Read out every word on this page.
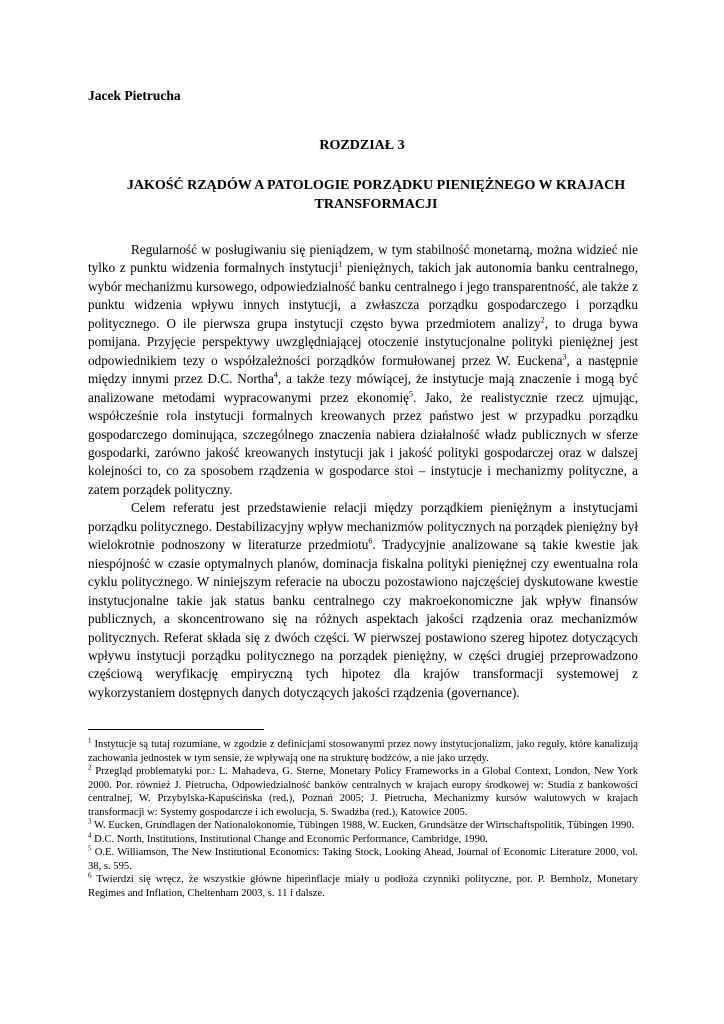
Jacek Pietrucha

ROZDZIAŁ 3

JAKOŚĆ RZĄDÓW A PATOLOGIE PORZĄDKU PIENIĘŻNEGO W KRAJACH TRANSFORMACJI

Regularność w posługiwaniu się pieniądzem, w tym stabilność monetarną, można widzieć nie tylko z punktu widzenia formalnych instytucji$^1$ pieniężnych, takich jak autonomia banku centralnego, wybór mechanizmu kursowego, odpowiedzialność banku centralnego i jego transparentność, ale także z punktu widzenia wpływu innych instytucji, a zwłaszcza porządku gospodarczego i porządku politycznego. O ile pierwsza grupa instytucji często bywa przedmiotem analizy$^2$, to druga bywa pomijana. Przyjęcie perspektywy uwzględniającej otoczenie instytucjonalne polityki pieniężnej jest odpowiednikiem tezy o współzależności porządków formułowanej przez W. Euckena$^3$, a następnie między innymi przez D.C. Northa$^4$, a także tezy mówiącej, że instytucje mają znaczenie i mogą być analizowane metodami wypracowanymi przez ekonomię$^5$. Jako, że realistycznie rzecz ujmując, współcześnie rola instytucji formalnych kreowanych przez państwo jest w przypadku porządku gospodarczego dominująca, szczególnego znaczenia nabiera działalność władz publicznych w sferze gospodarki, zarówno jakość kreowanych instytucji jak i jakość polityki gospodarczej oraz w dalszej kolejności to, co za sposobem rządzenia w gospodarce stoi – instytucje i mechanizmy polityczne, a zatem porządek polityczny.

Celem referatu jest przedstawienie relacji między porządkiem pieniężnym a instytucjami porządku politycznego. Destabilizacyjny wpływ mechanizmów politycznych na porządek pieniężny był wielokrotnie podnoszony w literaturze przedmiotu$^6$. Tradycyjnie analizowane są takie kwestie jak niespójność w czasie optymalnych planów, dominacja fiskalna polityki pieniężnej czy ewentualna rola cyklu politycznego. W niniejszym referacie na uboczu pozostawiono najczęściej dyskutowane kwestie instytucjonalne takie jak status banku centralnego czy makroekonomiczne jak wpływ finansów publicznych, a skoncentrowano się na różnych aspektach jakości rządzenia oraz mechanizmów politycznych. Referat składa się z dwóch części. W pierwszej postawiono szereg hipotez dotyczących wpływu instytucji porządku politycznego na porządek pieniężny, w części drugiej przeprowadzono częściową weryfikację empiryczną tych hipotez dla krajów transformacji systemowej z wykorzystaniem dostępnych danych dotyczących jakości rządzenia (governance).

$^1$ Instytucje są tutaj rozumiane, w zgodzie z definicjami stosowanymi przez nowy instytucjonalizm, jako reguły, które kanalizują zachowania jednostek w tym sensie, że wpływają one na strukturę bodźców, a nie jako urzędy.

$^2$ Przegląd problematyki por.: L. Mahadeva, G. Sterne, Monetary Policy Frameworks in a Global Context, London, New York 2000. Por. również J. Pietrucha, Odpowiedzialność banków centralnych w krajach europy środkowej w: Studia z bankowości centralnej, W. Przybylska-Kapuścińska (red.), Poznań 2005; J. Pietrucha, Mechanizmy kursów walutowych w krajach transformacji w: Systemy gospodarcze i ich ewolucja, S. Swadźba (red.), Katowice 2005.

$^3$ W. Eucken, Grundlagen der Nationalokonomie, Tübingen 1988, W. Eucken, Grundsätze der Wirtschaftspolitik, Tübingen 1990.

$^4$ D.C. North, Institutions, Institutional Change and Economic Performance, Cambridge, 1990.

$^5$ O.E. Williamson, The New Institutional Economics: Taking Stock, Looking Ahead, Journal of Economic Literature 2000, vol. 38, s. 595.

$^6$ Twierdzi się wręcz, że wszystkie główne hiperinflacje miały u podłoża czynniki polityczne, por. P. Bernholz, Monetary Regimes and Inflation, Cheltenham 2003, s. 11 i dalsze.
